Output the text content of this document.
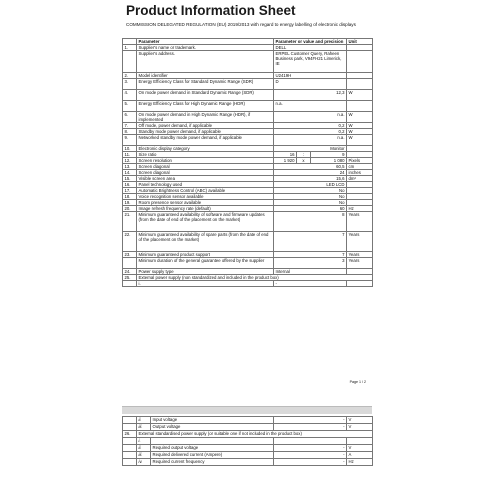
Product Information Sheet
COMMISSION DELEGATED REGULATION (EU) 2019/2013 with regard to energy labelling of electronic displays
	Parameter	Parameter or value and precision			Unit
1.	Supplier's name or trademark.	DELL			
	Supplier's address.	ERPEL Customer Query, Raheen Business park, V94FH21 Limerick, IE			
2.	Model identifier	U2419H			
3.	Energy Efficiency Class for Standard Dynamic Range (SDR)	D			
4.	On mode power demand in Standard Dynamic Range (SDR)	12,3			W
5.	Energy Efficiency Class for High Dynamic Range (HDR)	n.a.			
6.	On mode power demand in High Dynamic Range (HDR), if implemented	n.a.			W
7.	Off mode, power demand, if applicable	0,2			W
8.	Standby mode power demand, if applicable	0,2			W
9.	Networked standby mode power demand, if applicable	n.a.			W
10.	Electronic display category	Monitor			
11.	Size ratio	16	:	9	
12.	Screen resolution	1 920	x	1 080	Pixels
13.	Screen diagonal	60,5			cm
14.	Screen diagonal	24			inches
15.	Visible screen area	15,6			dm²
16.	Panel technology used	LED LCD			
17.	Automatic Brightness Control (ABC) available	No			
18.	Voice recognition sensor available	No			
19.	Room presence sensor available	No			
20.	Image refresh frequency rate (default)	60			Hz
21.	Minimum guaranteed availability of software and firmware updates (from the date of end of the placement on the market)	8			Years
22.	Minimum guaranteed availability of spare parts (from the date of end of the placement on the market)	7			Years
23.	Minimum guaranteed product support	7			Years
	Minimum duration of the general guarantee offered by the supplier	3			Years
24.	Power supply type	Internal			
25.	External power supply (non standardized and included in the product box)				
	i.	-			
Page 1 / 2
	ii.	Input voltage	-	V
	iii.	Output voltage	-	V
26.	External standardised power supply (or suitable one if not included in the product box)			
	i.			
	ii.	Required output voltage	-	V
	iii.	Required delivered current (Ampere)	-	A
	iv.	Required current frequency	-	Hz
